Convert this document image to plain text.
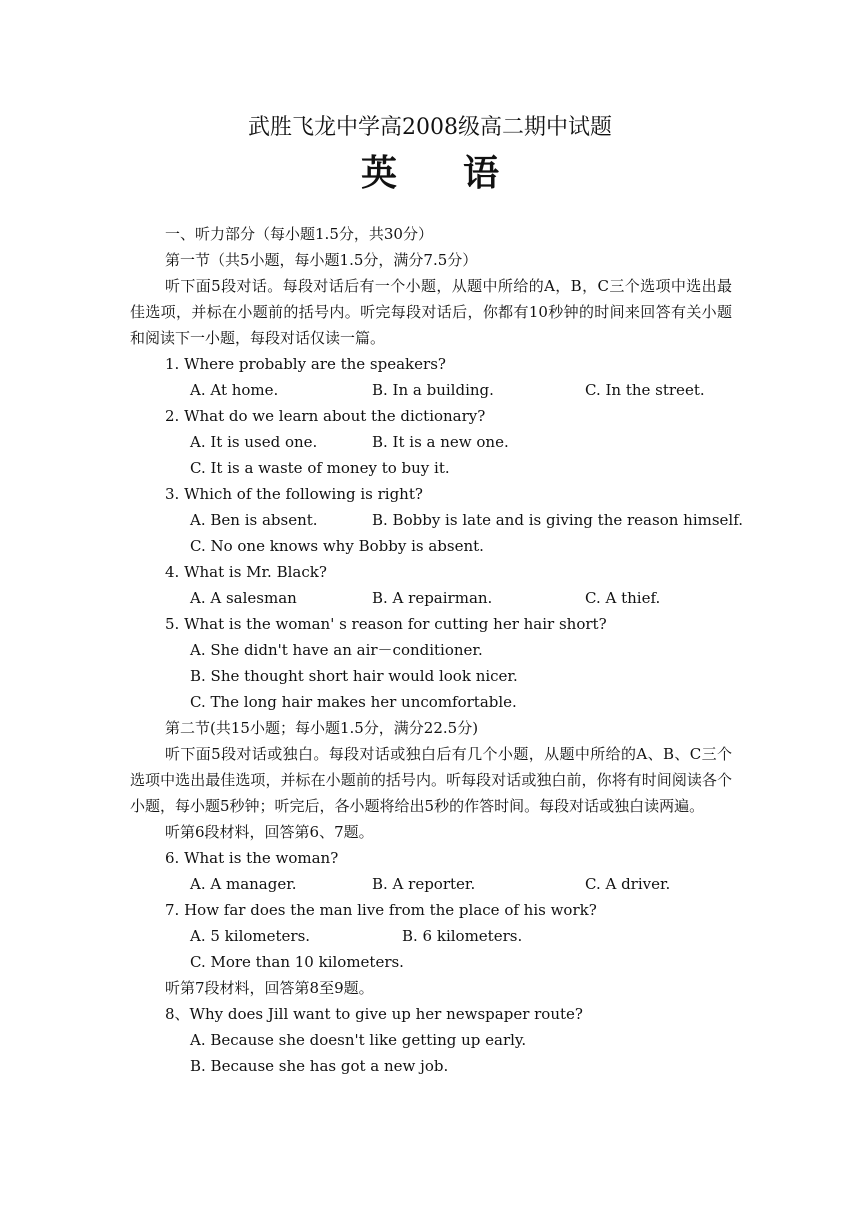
武胜飞龙中学高2008级高二期中试题
英语

一、听力部分（每小题1.5分，共30分）

第一节（共5小题，每小题1.5分，满分7.5分）

听下面5段对话。每段对话后有一个小题，从题中所给的A，B，C三个选项中选出最佳选项，并标在小题前的括号内。听完每段对话后，你都有10秒钟的时间来回答有关小题和阅读下一小题，每段对话仅读一篇。

1. Where probably are the speakers?

A. At home.	B. In a building.	C. In the street.

2. What do we learn about the dictionary?

A. It is used one.	B. It is a new one.
C. It is a waste of money to buy it.

3. Which of the following is right?

A. Ben is absent.	B. Bobby is late and is giving the reason himself.
C. No one knows why Bobby is absent.

4. What is Mr. Black?

A. A salesman	B. A repairman.	C. A thief.

5. What is the woman' s reason for cutting her hair short?

A. She didn't have an air－conditioner.
B. She thought short hair would look nicer.
C. The long hair makes her uncomfortable.

第二节(共15小题；每小题1.5分，满分22.5分)

听下面5段对话或独白。每段对话或独白后有几个小题，从题中所给的A、B、C三个选项中选出最佳选项，并标在小题前的括号内。听每段对话或独白前，你将有时间阅读各个小题，每小题5秒钟；听完后，各小题将给出5秒的作答时间。每段对话或独白读两遍。

听第6段材料，回答第6、7题。

6. What is the woman?

A. A manager.	B. A reporter.	C. A driver.

7. How far does the man live from the place of his work?

A. 5 kilometers.	B. 6 kilometers.
C. More than 10 kilometers.

听第7段材料，回答第8至9题。

8、Why does Jill want to give up her newspaper route?

A. Because she doesn't like getting up early.
B. Because she has got a new job.
